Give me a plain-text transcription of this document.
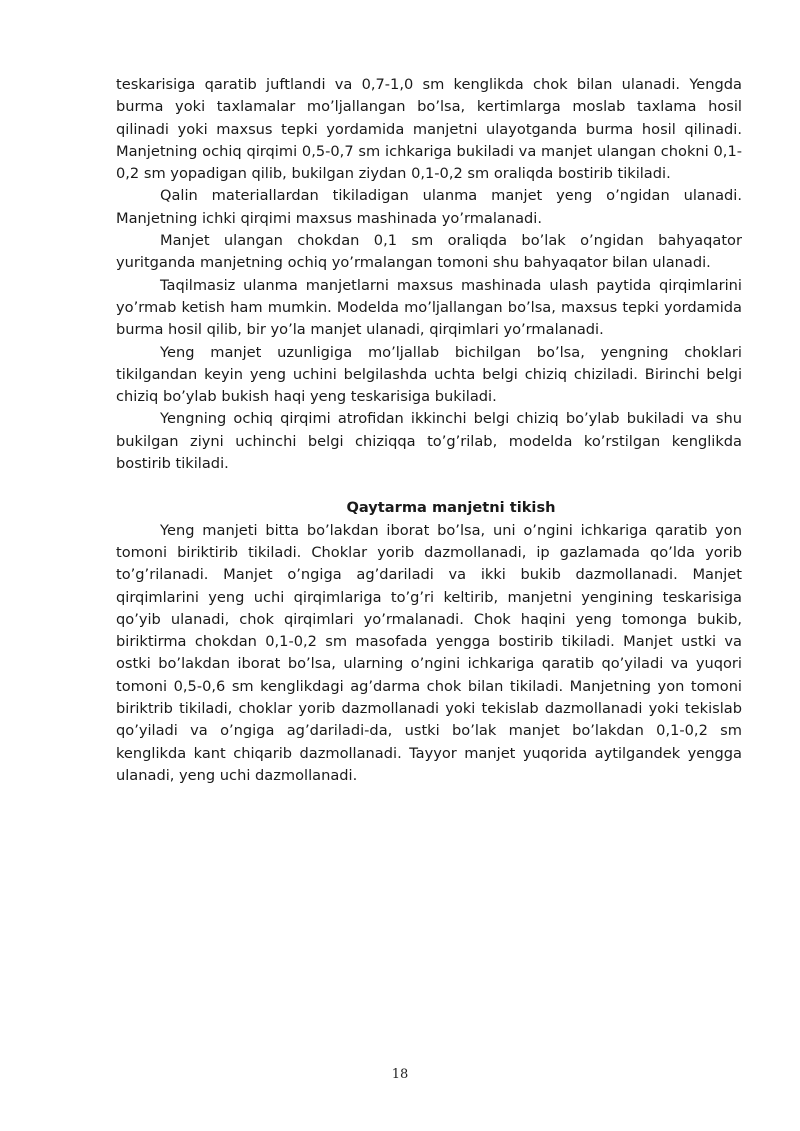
teskarisiga qaratib juftlandi va 0,7-1,0 sm kenglikda chok bilan ulanadi. Yengda burma yoki taxlamalar mo’ljallangan bo’lsa, kertimlarga moslab taxlama hosil qilinadi yoki maxsus tepki yordamida manjetni ulayotganda burma hosil qilinadi. Manjetning ochiq qirqimi 0,5-0,7 sm ichkariga bukiladi va manjet ulangan chokni 0,1-0,2 sm yopadigan qilib, bukilgan ziydan 0,1-0,2 sm oraliqda bostirib tikiladi.

Qalin materiallardan tikiladigan ulanma manjet yeng o’ngidan ulanadi. Manjetning ichki qirqimi maxsus mashinada yo’rmalanadi.

Manjet ulangan chokdan 0,1 sm oraliqda bo’lak o’ngidan bahyaqator yuritganda manjetning ochiq yo’rmalangan tomoni shu bahyaqator bilan ulanadi.

Taqilmasiz ulanma manjetlarni maxsus mashinada ulash paytida qirqimlarini yo’rmab ketish ham mumkin. Modelda mo’ljallangan bo’lsa, maxsus tepki yordamida burma hosil qilib, bir yo’la manjet ulanadi, qirqimlari yo’rmalanadi.

Yeng manjet uzunligiga mo’ljallab bichilgan bo’lsa, yengning choklari tikilgandan keyin yeng uchini belgilashda uchta belgi chiziq chiziladi. Birinchi belgi chiziq bo’ylab bukish haqi yeng teskarisiga bukiladi.

Yengning ochiq qirqimi atrofidan ikkinchi belgi chiziq bo’ylab bukiladi va shu bukilgan ziyni uchinchi belgi chiziqqa to’g’rilab, modelda ko’rstilgan kenglikda bostirib tikiladi.

Qaytarma manjetni tikish

Yeng manjeti bitta bo’lakdan iborat bo’lsa, uni o’ngini ichkariga qaratib yon tomoni biriktirib tikiladi. Choklar yorib dazmollanadi, ip gazlamada qo’lda yorib to’g’rilanadi. Manjet o’ngiga ag’dariladi va ikki bukib dazmollanadi. Manjet qirqimlarini yeng uchi qirqimlariga to’g’ri keltirib, manjetni yengining teskarisiga qo’yib ulanadi, chok qirqimlari yo’rmalanadi. Chok haqini yeng tomonga bukib, biriktirma chokdan 0,1-0,2 sm masofada yengga bostirib tikiladi. Manjet ustki va ostki bo’lakdan iborat bo’lsa, ularning o’ngini ichkariga qaratib qo’yiladi va yuqori tomoni 0,5-0,6 sm kenglikdagi ag’darma chok bilan tikiladi. Manjetning yon tomoni biriktrib tikiladi, choklar yorib dazmollanadi yoki tekislab dazmollanadi yoki tekislab qo’yiladi va o’ngiga ag’dariladi-da, ustki bo’lak manjet bo’lakdan 0,1-0,2 sm kenglikda kant chiqarib dazmollanadi. Tayyor manjet yuqorida aytilgandek yengga ulanadi, yeng uchi dazmollanadi.

18
